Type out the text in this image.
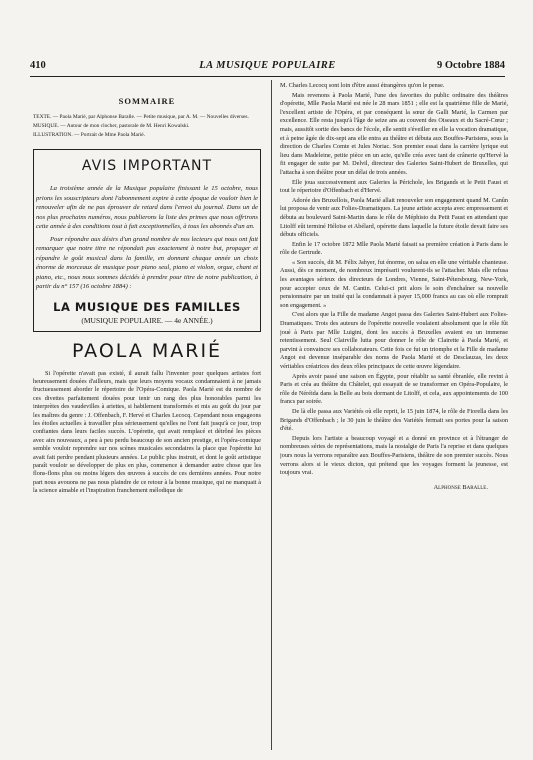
410	LA MUSIQUE POPULAIRE	9 Octobre 1884
SOMMAIRE
TEXTE. — Paola Marié, par Alphonse Baralle. — Petite musique, par A. M. — Nouvelles diverses.
MUSIQUE. — Autour de mon clocher, pastorale de M. Henri Kowalski.
ILLUSTRATION. — Portrait de Mme Paola Marié.
AVIS IMPORTANT

La troisième année de la Musique populaire finissant le 15 octobre, nous prions les souscripteurs dont l'abonnement expire à cette époque de vouloir bien le renouveler afin de ne pas éprouver de retard dans l'envoi du journal. Dans un de nos plus prochains numéros, nous publierons la liste des primes que nous offrirons cette année à des conditions tout à fait exceptionnelles, à tous les abonnés d'un an.

Pour répondre aux désirs d'un grand nombre de nos lecteurs qui nous ont fait remarquer que notre titre ne répondait pas exactement à notre but, propager et répandre le goût musical dans la famille, en donnant chaque année un choix énorme de morceaux de musique pour piano seul, piano et violon, orgue, chant et piano, etc., nous nous sommes décidés à prendre pour titre de notre publication, à partir du n° 157 (16 octobre 1884) :

LA MUSIQUE DES FAMILLES
(MUSIQUE POPULAIRE. — 4e ANNÉE.)
PAOLA MARIÉ

Si l'opérette n'avait pas existé, il aurait fallu l'inventer pour quelques artistes fort heureusement douées d'ailleurs, mais que leurs moyens vocaux condamnaient à ne jamais fructueusement aborder le répertoire de l'Opéra-Comique. Paola Marié est du nombre de ces divettes parfaitement douées pour tenir un rang des plus honorables parmi les interprètes des vaudevilles à ariettes, si habilement transformés et mis au goût du jour par les maîtres du genre : J. Offenbach, F. Hervé et Charles Lecocq. Cependant nous engageons les étoiles actuelles à travailler plus sérieusement qu'elles ne l'ont fait jusqu'à ce jour, trop confiantes dans leurs faciles succès. L'opérette, qui avait remplacé et détrôné les pièces avec airs nouveaux, a peu à peu perdu beaucoup de son ancien prestige, et l'opéra-comique semble vouloir reprendre sur nos scènes musicales secondaires la place que l'opérette lui avait fait perdre pendant plusieurs années. Le public plus instruit, et dont le goût artistique paraît vouloir se développer de plus en plus, commence à demander autre chose que les flons-flons plus ou moins légers des œuvres à succès de ces dernières années. Pour notre part nous avouons ne pas nous plaindre de ce retour à la bonne musique, qui ne manquait à la science aimable et l'inspiration franchement mélodique de

M. Charles Lecocq sont loin d'être aussi étrangères qu'on le pense.

Mais revenons à Paola Marié, l'une des favorites du public ordinaire des théâtres d'opérette, Mlle Paola Marié est née le 28 mars 1851 ; elle est la quatrième fille de Marié, l'excellent artiste de l'Opéra, et par conséquent la sœur de Galli Marié, la Carmen par excellence. Elle resta jusqu'à l'âge de seize ans au couvent des Oiseaux et du Sacré-Cœur ; mais, aussitôt sortie des bancs de l'école, elle sentit s'éveiller en elle la vocation dramatique, et à peine âgée de dix-sept ans elle entra au théâtre et débuta aux Bouffes-Parisiens, sous la direction de Charles Comte et Jules Noriac. Son premier essai dans la carrière lyrique eut lieu dans Madeleine, petite pièce en un acte, qu'elle créa avec tant de crânerie qu'Hervé la fit engager de suite par M. Delvil, directeur des Galeries Saint-Hubert de Bruxelles, qui l'attacha à son théâtre pour un délai de trois années.

Elle joua successivement aux Galeries la Périchole, les Brigands et le Petit Faust et tout le répertoire d'Offenbach et d'Hervé.

Adorée des Bruxellois, Paola Marié allait renouveler son engagement quand M. Canûn lui proposa de venir aux Folies-Dramatiques. La jeune artiste accepta avec empressement et débuta au boulevard Saint-Martin dans le rôle de Méphisto du Petit Faust en attendant que Litolff eût terminé Héloïse et Abélard, opérette dans laquelle la future étoile devait faire ses débuts officiels.

Enfin le 17 octobre 1872 Mlle Paola Marié faisait sa première création à Paris dans le rôle de Gertrude.

« Son succès, dit M. Félix Jahyer, fut énorme, on salua en elle une véritable chanteuse. Aussi, dès ce moment, de nombreux imprésarii voulurent-ils se l'attacher. Mais elle refusa les avantages sérieux des directeurs de Londres, Vienne, Saint-Pétersbourg, New-York, pour accepter ceux de M. Cantin. Celui-ci prit alors le soin d'enchaîner sa nouvelle pensionnaire par un traité qui la condamnait à payer 15,000 francs au cas où elle romprait son engagement. »

C'est alors que la Fille de madame Angot passa des Galeries Saint-Hubert aux Folies-Dramatiques. Trois des auteurs de l'opérette nouvelle voulaient absolument que le rôle fût joué à Paris par Mlle Luigini, dont les succès à Bruxelles avaient eu un immense retentissement. Seul Clairville lutta pour donner le rôle de Clairette à Paola Marié, et parvint à convaincre ses collaborateurs. Cette fois ce fut un triomphe et la Fille de madame Angot est devenue inséparable des noms de Paola Marié et de Desclauzas, les deux véritables créatrices des deux rôles principaux de cette œuvre légendaire.

Après avoir passé une saison en Égypte, pour rétablir sa santé ébranlée, elle revint à Paris et créa au théâtre du Châtelet, qui essayait de se transformer en Opéra-Populaire, le rôle de Néréida dans la Belle au bois dormant de Litolff, et cela, aux appointements de 100 francs par soirée.

De là elle passa aux Variétés où elle reprit, le 15 juin 1874, le rôle de Fiorella dans les Brigands d'Offenbach ; le 30 juin le théâtre des Variétés fermait ses portes pour la saison d'été.

Depuis lors l'artiste a beaucoup voyagé et a donné en province et à l'étranger de nombreuses séries de représentations, mais la nostalgie de Paris l'a reprise et dans quelques jours nous la verrons reparaître aux Bouffes-Parisiens, théâtre de son premier succès. Nous verrons alors si le vieux dicton, qui prétend que les voyages forment la jeunesse, est toujours vrai.

Alphonse Baralle.
